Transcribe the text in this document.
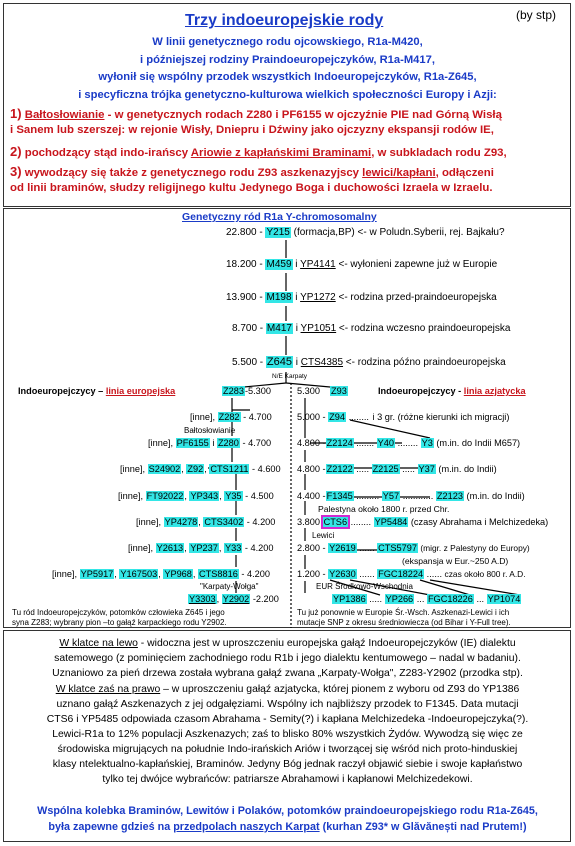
Trzy indoeuropejskie rody	(by stp)
W linii genetycznego rodu ojcowskiego, R1a-M420,
i późniejszej rodziny Praindoeuropejczyków, R1a-M417,
wyłonił się wspólny przodek wszystkich Indoeuropejczyków, R1a-Z645,
i specyficzna trójka genetyczno-kulturowa wielkich społeczności Europy i Azji:
1) Bałtosłowianie - w genetycznych rodach Z280 i PF6155 w ojczyźnie PIE nad Górną Wisłą
i Sanem lub szerszej: w rejonie Wisły, Dniepru i Dźwiny jako ojczyzny ekspansji rodów IE,
2) pochodzący stąd indo-irańscy Ariowie z kapłańskimi Braminami, w subkladach rodu Z93,
3) wywodzący się także z genetycznego rodu Z93 aszkenazyjscy lewici/kapłani, odłączeni
od linii braminów, słudzy religijnego kultu Jedynego Boga i duchowości Izraela w Izraelu.
Genetyczny ród R1a Y-chromosomalny
22.800 - Y215 (formacja,BP) <- w Poludn.Syberii, rej. Bajkału?
18.200 - M459 i YP4141 <- wyłonieni zapewne już w Europie
13.900 - M198 i YP1272 <- rodzina przed-praindoeuropejska
8.700 - M417 i YP1051 <- rodzina wczesno praindoeuropejska
5.500 - Z645 i CTS4385 <- rodzina późno praindoeuropejska
N/E Karpaty
Indoeuropejczycy – linia europejska	Z283-5.300
[inne], Z282 - 4.700
Bałtosłowianie
[inne], PF6155 i Z280 - 4.700
[inne], S24902, Z92, CTS1211 - 4.600
[inne], FT92022, YP343, Y35 - 4.500
[inne], YP4278, CTS3402 - 4.200
[inne], Y2613, YP237, Y33 - 4.200
[inne], YP5917, Y167503, YP968, CTS8816 - 4.200
"Karpaty-Wołga"
Y3303, Y2902 -2.200
Tu ród Indoeuropejczyków, potomków człowieka Z645 i jego
syna Z283; wybrany pion –to gałąź karpackiego rodu Y2902.
5.300 Z93	Indoeuropejczycy - linia azjatycka
5.000 - Z94 ........ i 3 gr. (różne kierunki ich migracji)
4.800 -Z2124 ....... Y40 ........ Y3 (m.in. do Indii M657)
4.800 -Z2122 ..... Z2125 ..... Y37 (m.in. do Indii)
4.400 -F1345 ......... Y57 ............ Z2123 (m.in. do Indii)
Palestyna około 1800 r. przed Chr.
3.800 CTS6 ........ YP5484 (czasy Abrahama i Melchizedeka)
Lewici
2.800 - Y2619 ...... CTS5797 (migr. z Palestyny do Europy)
(ekspansja w Eur.~250 A.D)
1.200 - Y2630 ...... FGC18224 ...... czas około 800 r. A.D.
EUR Środkowo-Wschodnia
YP1386 ..... YP266 ... FGC18226 ... YP1074
Tu już ponownie w Europie Śr.-Wsch. Aszkenazi-Lewici i ich
mutacje SNP z okresu średniowiecza (od Bihar i Y-Full tree).
W klatce na lewo - widoczna jest w uproszczeniu europejska gałąź Indoeuropejczyków (IE) dialektu
satemowego (z pominięciem zachodniego rodu R1b i jego dialektu kentumowego – nadal w badaniu).
Uznaniowo za pień drzewa została wybrana gałąź zwana „Karpaty-Wołga", Z283-Y2902 (przodka stp).
W klatce zaś na prawo – w uproszczeniu gałąź azjatycka, której pionem z wyboru od Z93 do YP1386
uznano gałąź Aszkenazych z jej odgałęziami. Wspólny ich najbliższy przodek to F1345. Data mutacji
CTS6 i YP5485 odpowiada czasom Abrahama - Semity(?) i kapłana Melchizedeka -Indoeuropejczyka(?).
Lewici-R1a to 12% populacji Aszkenazych; zaś to blisko 80% wszystkich Żydów. Wywodzą się więc ze
środowiska migrujących na południe Indo-irańskich Ariów i tworzącej się wśród nich proto-hinduskiej
klasy ntelektualno-kapłańskiej, Braminów. Jedyny Bóg jednak raczył objawić siebie i swoje kapłaństwo
tylko tej dwójce wybrańców: patriarsze Abrahamowi i kapłanowi Melchizedekowi.
Wspólna kolebka Braminów, Lewitów i Polaków, potomków praindoeuropejskiego rodu R1a-Z645,
była zapewne gdzieś na przedpolach naszych Karpat (kurhan Z93* w Glăvănești nad Prutem!)
